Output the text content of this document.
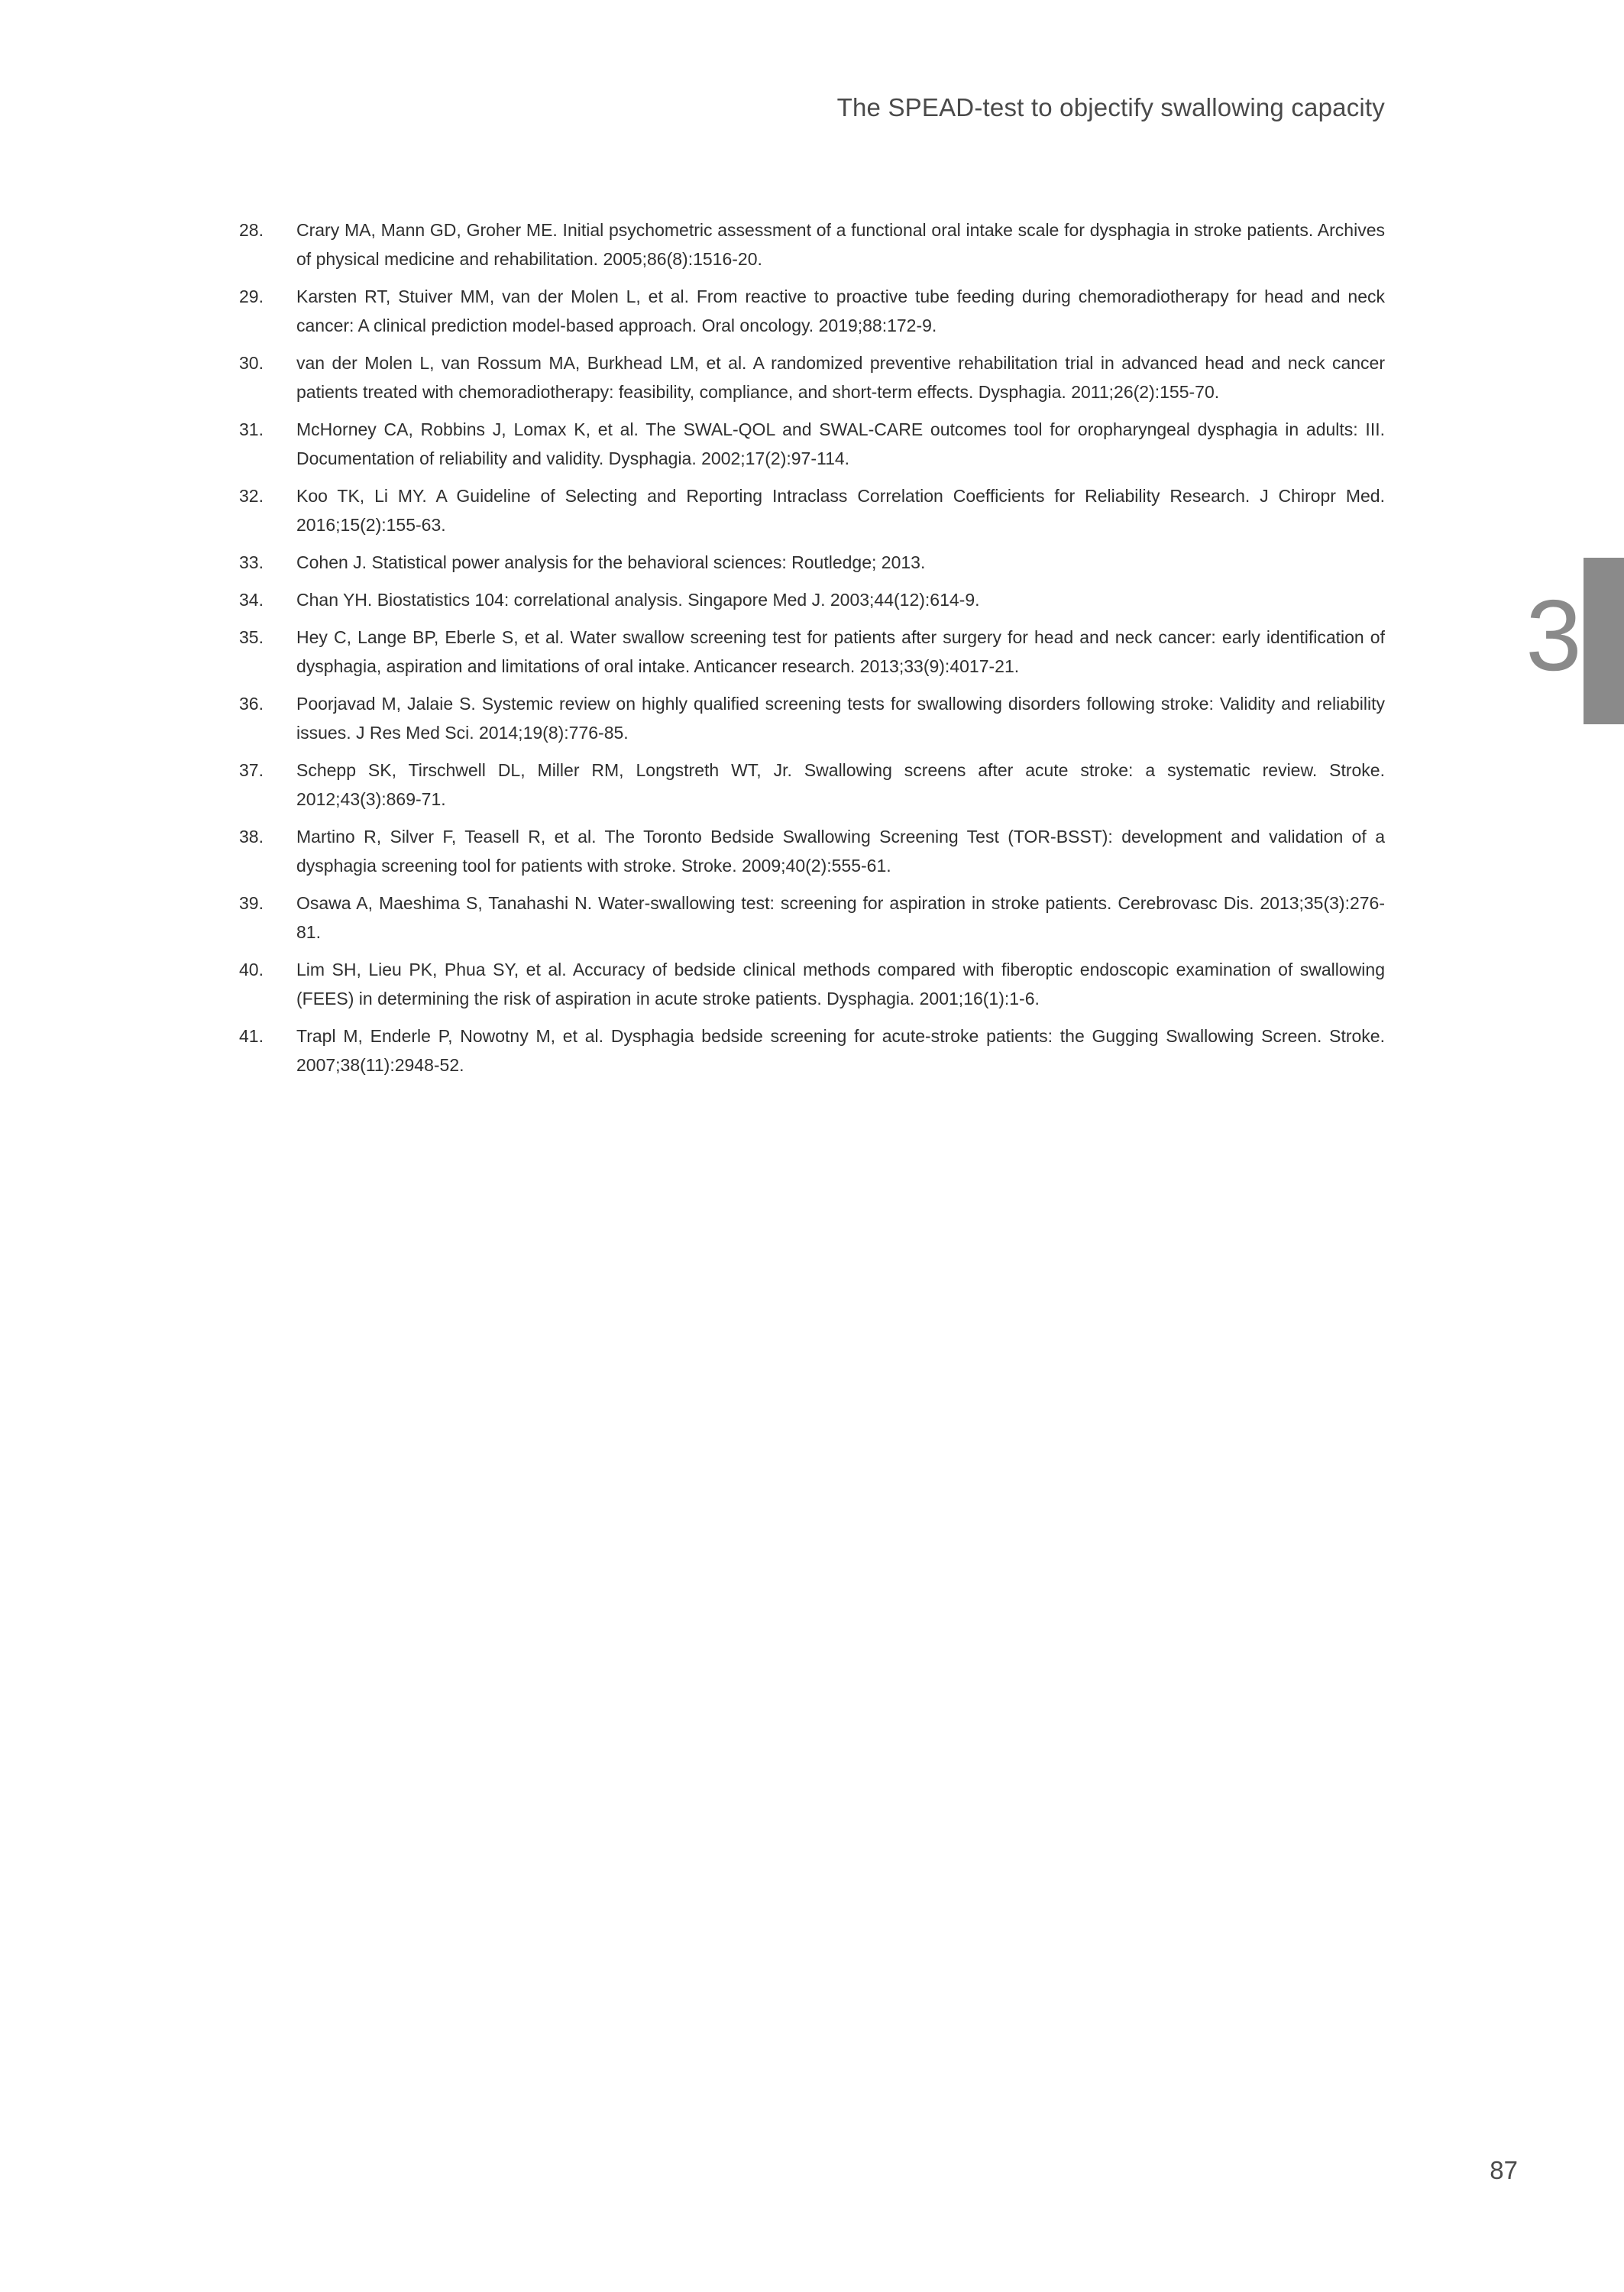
The SPEAD-test to objectify swallowing capacity
28.	Crary MA, Mann GD, Groher ME. Initial psychometric assessment of a functional oral intake scale for dysphagia in stroke patients. Archives of physical medicine and rehabilitation. 2005;86(8):1516-20.
29.	Karsten RT, Stuiver MM, van der Molen L, et al. From reactive to proactive tube feeding during chemoradiotherapy for head and neck cancer: A clinical prediction model-based approach. Oral oncology. 2019;88:172-9.
30.	van der Molen L, van Rossum MA, Burkhead LM, et al. A randomized preventive rehabilitation trial in advanced head and neck cancer patients treated with chemoradiotherapy: feasibility, compliance, and short-term effects. Dysphagia. 2011;26(2):155-70.
31.	McHorney CA, Robbins J, Lomax K, et al. The SWAL-QOL and SWAL-CARE outcomes tool for oropharyngeal dysphagia in adults: III. Documentation of reliability and validity. Dysphagia. 2002;17(2):97-114.
32.	Koo TK, Li MY. A Guideline of Selecting and Reporting Intraclass Correlation Coefficients for Reliability Research. J Chiropr Med. 2016;15(2):155-63.
33.	Cohen J. Statistical power analysis for the behavioral sciences: Routledge; 2013.
34.	Chan YH. Biostatistics 104: correlational analysis. Singapore Med J. 2003;44(12):614-9.
35.	Hey C, Lange BP, Eberle S, et al. Water swallow screening test for patients after surgery for head and neck cancer: early identification of dysphagia, aspiration and limitations of oral intake. Anticancer research. 2013;33(9):4017-21.
36.	Poorjavad M, Jalaie S. Systemic review on highly qualified screening tests for swallowing disorders following stroke: Validity and reliability issues. J Res Med Sci. 2014;19(8):776-85.
37.	Schepp SK, Tirschwell DL, Miller RM, Longstreth WT, Jr. Swallowing screens after acute stroke: a systematic review. Stroke. 2012;43(3):869-71.
38.	Martino R, Silver F, Teasell R, et al. The Toronto Bedside Swallowing Screening Test (TOR-BSST): development and validation of a dysphagia screening tool for patients with stroke. Stroke. 2009;40(2):555-61.
39.	Osawa A, Maeshima S, Tanahashi N. Water-swallowing test: screening for aspiration in stroke patients. Cerebrovasc Dis. 2013;35(3):276-81.
40.	Lim SH, Lieu PK, Phua SY, et al. Accuracy of bedside clinical methods compared with fiberoptic endoscopic examination of swallowing (FEES) in determining the risk of aspiration in acute stroke patients. Dysphagia. 2001;16(1):1-6.
41.	Trapl M, Enderle P, Nowotny M, et al. Dysphagia bedside screening for acute-stroke patients: the Gugging Swallowing Screen. Stroke. 2007;38(11):2948-52.
3
87
